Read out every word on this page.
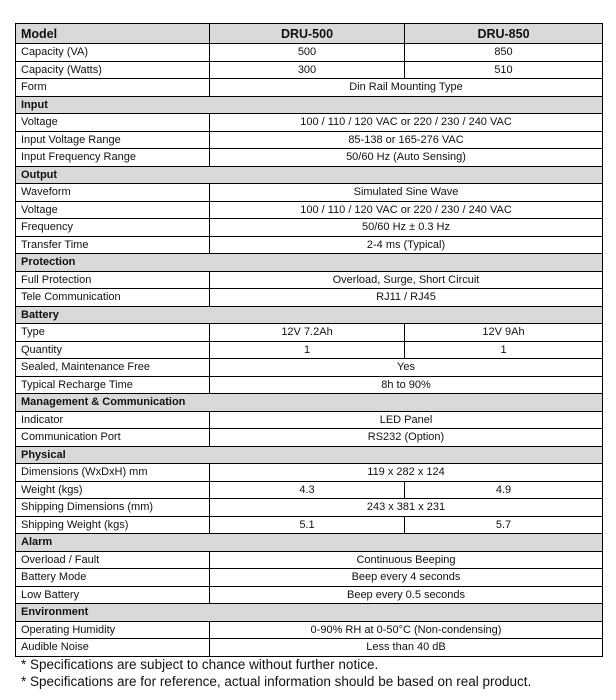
Model	DRU-500	DRU-850
Capacity (VA)	500	850
Capacity (Watts)	300	510
Form	Din Rail Mounting Type	
Input		
Voltage	100 / 110 / 120 VAC or 220 / 230 / 240 VAC	
Input Voltage Range	85-138 or 165-276 VAC	
Input Frequency Range	50/60 Hz (Auto Sensing)	
Output		
Waveform	Simulated Sine Wave	
Voltage	100 / 110 / 120 VAC or 220 / 230 / 240 VAC	
Frequency	50/60 Hz ± 0.3 Hz	
Transfer Time	2-4 ms (Typical)	
Protection		
Full Protection	Overload, Surge, Short Circuit	
Tele Communication	RJ11 / RJ45	
Battery		
Type	12V 7.2Ah	12V 9Ah
Quantity	1	1
Sealed, Maintenance Free	Yes	
Typical Recharge Time	8h to 90%	
Management & Communication		
Indicator	LED Panel	
Communication Port	RS232 (Option)	
Physical		
Dimensions (WxDxH) mm	119 x 282 x 124	
Weight (kgs)	4.3	4.9
Shipping Dimensions (mm)	243 x 381 x 231	
Shipping Weight (kgs)	5.1	5.7
Alarm		
Overload / Fault	Continuous Beeping	
Battery Mode	Beep every 4 seconds	
Low Battery	Beep every 0.5 seconds	
Environment		
Operating Humidity	0-90% RH at 0-50°C (Non-condensing)	
Audible Noise	Less than 40 dB	
* Specifications are subject to chance without further notice.
* Specifications are for reference, actual information should be based on real product.
